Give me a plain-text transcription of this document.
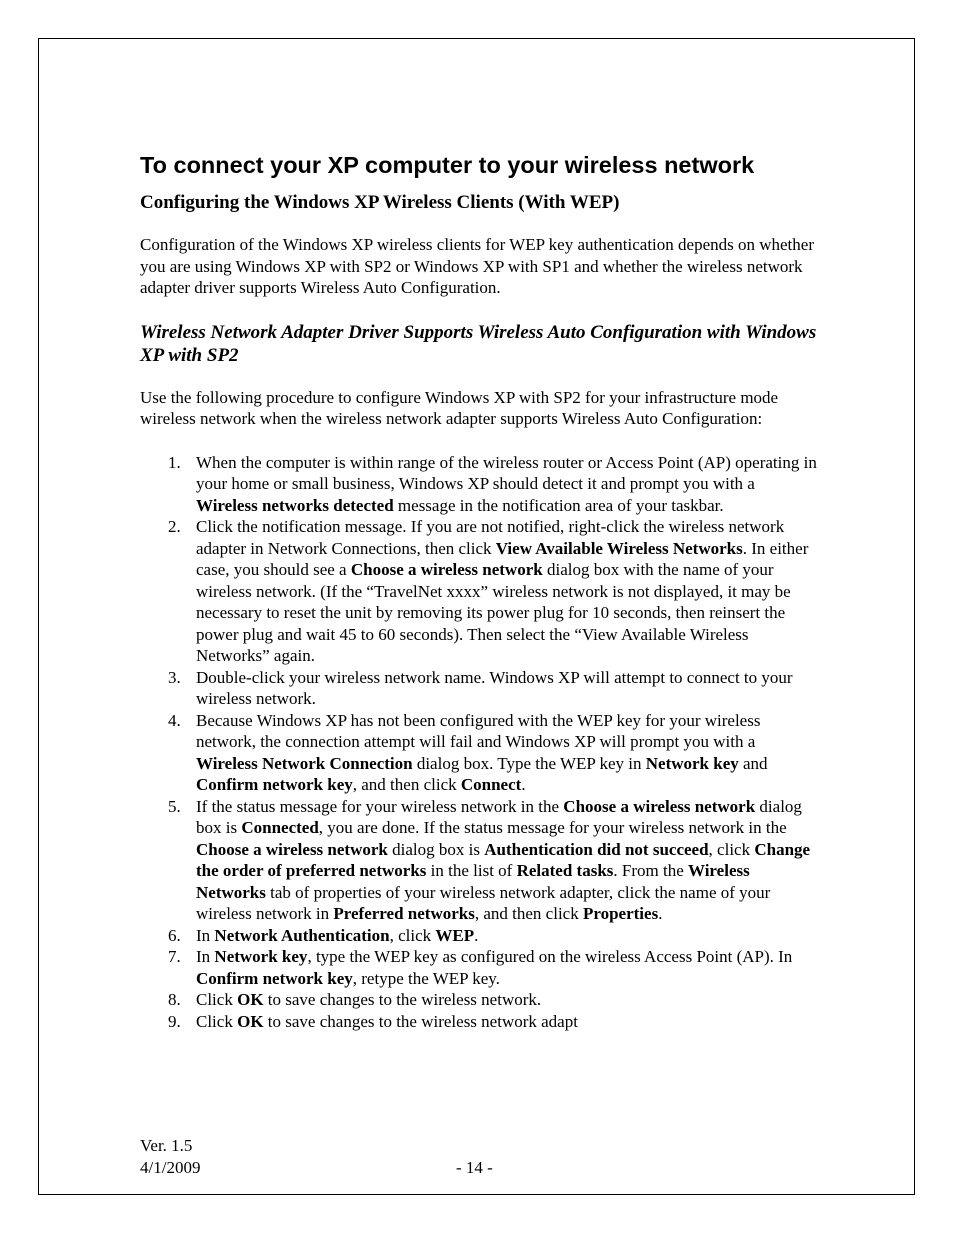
To connect your XP computer to your wireless network
Configuring the Windows XP Wireless Clients (With WEP)

Configuration of the Windows XP wireless clients for WEP key authentication depends on whether you are using Windows XP with SP2 or Windows XP with SP1 and whether the wireless network adapter driver supports Wireless Auto Configuration.

Wireless Network Adapter Driver Supports Wireless Auto Configuration with Windows XP with SP2

Use the following procedure to configure Windows XP with SP2 for your infrastructure mode wireless network when the wireless network adapter supports Wireless Auto Configuration:

1. When the computer is within range of the wireless router or Access Point (AP) operating in your home or small business, Windows XP should detect it and prompt you with a Wireless networks detected message in the notification area of your taskbar.
2. Click the notification message. If you are not notified, right-click the wireless network adapter in Network Connections, then click View Available Wireless Networks. In either case, you should see a Choose a wireless network dialog box with the name of your wireless network. (If the “TravelNet xxxx” wireless network is not displayed, it may be necessary to reset the unit by removing its power plug for 10 seconds, then reinsert the power plug and wait 45 to 60 seconds). Then select the “View Available Wireless Networks” again.
3. Double-click your wireless network name. Windows XP will attempt to connect to your wireless network.
4. Because Windows XP has not been configured with the WEP key for your wireless network, the connection attempt will fail and Windows XP will prompt you with a Wireless Network Connection dialog box. Type the WEP key in Network key and Confirm network key, and then click Connect.
5. If the status message for your wireless network in the Choose a wireless network dialog box is Connected, you are done. If the status message for your wireless network in the Choose a wireless network dialog box is Authentication did not succeed, click Change the order of preferred networks in the list of Related tasks. From the Wireless Networks tab of properties of your wireless network adapter, click the name of your wireless network in Preferred networks, and then click Properties.
6. In Network Authentication, click WEP.
7. In Network key, type the WEP key as configured on the wireless Access Point (AP). In Confirm network key, retype the WEP key.
8. Click OK to save changes to the wireless network.
9. Click OK to save changes to the wireless network adapt
Ver. 1.5
4/1/2009	- 14 -
